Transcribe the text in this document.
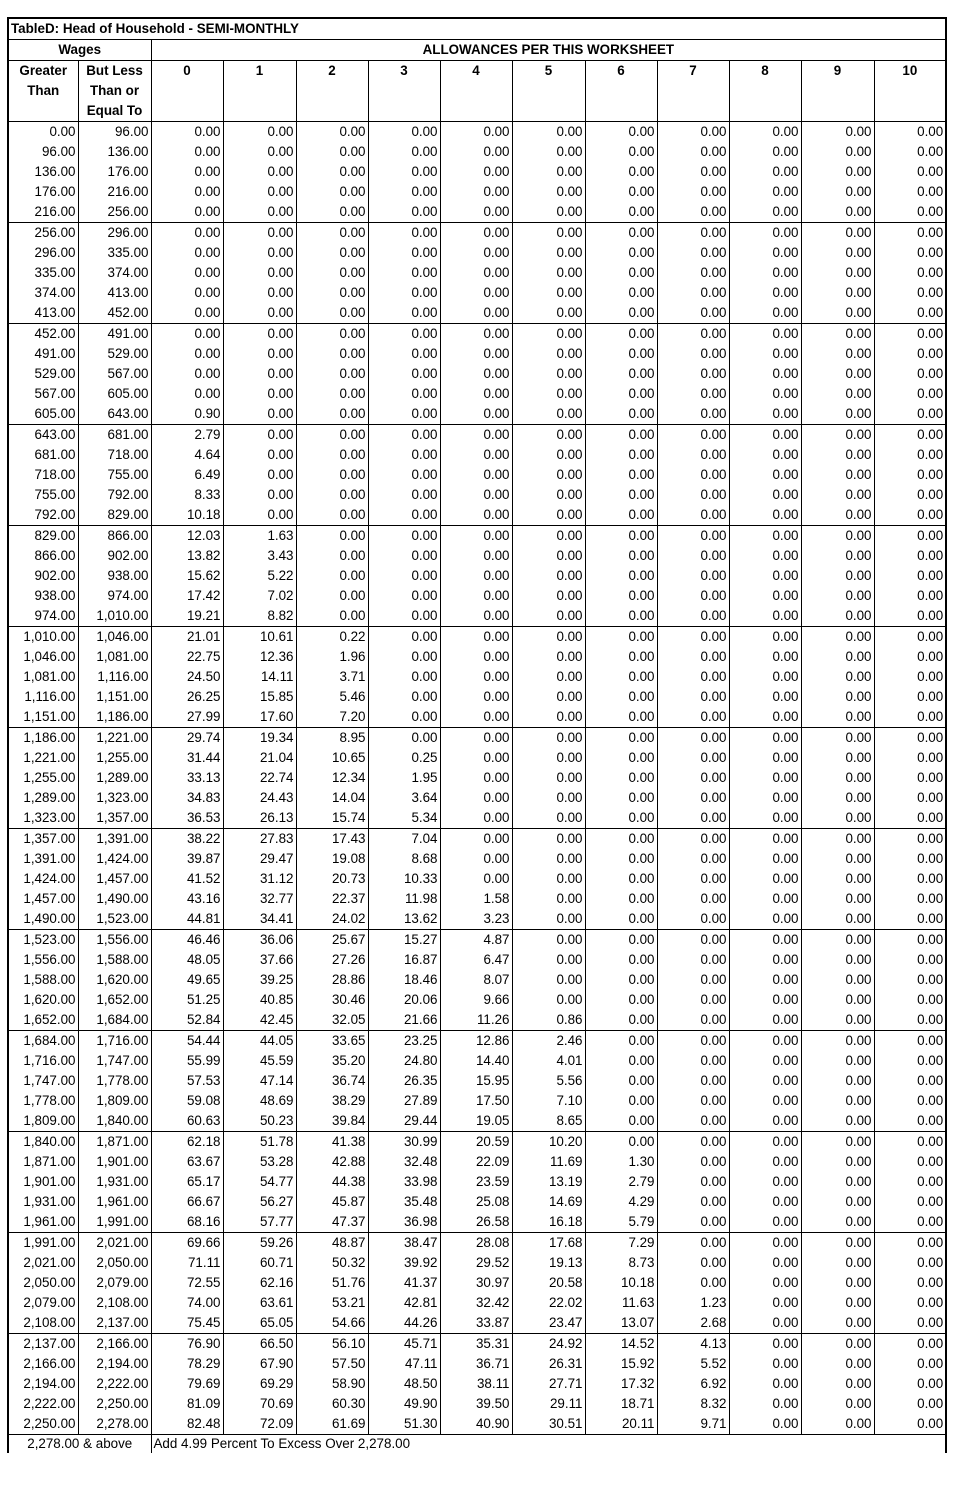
TableD: Head of Household - SEMI-MONTHLY												
Wages		ALLOWANCES PER THIS WORKSHEET										
Greater	But Less	0	1	2	3	4	5	6	7	8	9	10
Than	Than or											
	Equal To											
0.00	96.00	0.00	0.00	0.00	0.00	0.00	0.00	0.00	0.00	0.00	0.00	0.00
96.00	136.00	0.00	0.00	0.00	0.00	0.00	0.00	0.00	0.00	0.00	0.00	0.00
136.00	176.00	0.00	0.00	0.00	0.00	0.00	0.00	0.00	0.00	0.00	0.00	0.00
176.00	216.00	0.00	0.00	0.00	0.00	0.00	0.00	0.00	0.00	0.00	0.00	0.00
216.00	256.00	0.00	0.00	0.00	0.00	0.00	0.00	0.00	0.00	0.00	0.00	0.00
256.00	296.00	0.00	0.00	0.00	0.00	0.00	0.00	0.00	0.00	0.00	0.00	0.00
296.00	335.00	0.00	0.00	0.00	0.00	0.00	0.00	0.00	0.00	0.00	0.00	0.00
335.00	374.00	0.00	0.00	0.00	0.00	0.00	0.00	0.00	0.00	0.00	0.00	0.00
374.00	413.00	0.00	0.00	0.00	0.00	0.00	0.00	0.00	0.00	0.00	0.00	0.00
413.00	452.00	0.00	0.00	0.00	0.00	0.00	0.00	0.00	0.00	0.00	0.00	0.00
452.00	491.00	0.00	0.00	0.00	0.00	0.00	0.00	0.00	0.00	0.00	0.00	0.00
491.00	529.00	0.00	0.00	0.00	0.00	0.00	0.00	0.00	0.00	0.00	0.00	0.00
529.00	567.00	0.00	0.00	0.00	0.00	0.00	0.00	0.00	0.00	0.00	0.00	0.00
567.00	605.00	0.00	0.00	0.00	0.00	0.00	0.00	0.00	0.00	0.00	0.00	0.00
605.00	643.00	0.90	0.00	0.00	0.00	0.00	0.00	0.00	0.00	0.00	0.00	0.00
643.00	681.00	2.79	0.00	0.00	0.00	0.00	0.00	0.00	0.00	0.00	0.00	0.00
681.00	718.00	4.64	0.00	0.00	0.00	0.00	0.00	0.00	0.00	0.00	0.00	0.00
718.00	755.00	6.49	0.00	0.00	0.00	0.00	0.00	0.00	0.00	0.00	0.00	0.00
755.00	792.00	8.33	0.00	0.00	0.00	0.00	0.00	0.00	0.00	0.00	0.00	0.00
792.00	829.00	10.18	0.00	0.00	0.00	0.00	0.00	0.00	0.00	0.00	0.00	0.00
829.00	866.00	12.03	1.63	0.00	0.00	0.00	0.00	0.00	0.00	0.00	0.00	0.00
866.00	902.00	13.82	3.43	0.00	0.00	0.00	0.00	0.00	0.00	0.00	0.00	0.00
902.00	938.00	15.62	5.22	0.00	0.00	0.00	0.00	0.00	0.00	0.00	0.00	0.00
938.00	974.00	17.42	7.02	0.00	0.00	0.00	0.00	0.00	0.00	0.00	0.00	0.00
974.00	1,010.00	19.21	8.82	0.00	0.00	0.00	0.00	0.00	0.00	0.00	0.00	0.00
1,010.00	1,046.00	21.01	10.61	0.22	0.00	0.00	0.00	0.00	0.00	0.00	0.00	0.00
1,046.00	1,081.00	22.75	12.36	1.96	0.00	0.00	0.00	0.00	0.00	0.00	0.00	0.00
1,081.00	1,116.00	24.50	14.11	3.71	0.00	0.00	0.00	0.00	0.00	0.00	0.00	0.00
1,116.00	1,151.00	26.25	15.85	5.46	0.00	0.00	0.00	0.00	0.00	0.00	0.00	0.00
1,151.00	1,186.00	27.99	17.60	7.20	0.00	0.00	0.00	0.00	0.00	0.00	0.00	0.00
1,186.00	1,221.00	29.74	19.34	8.95	0.00	0.00	0.00	0.00	0.00	0.00	0.00	0.00
1,221.00	1,255.00	31.44	21.04	10.65	0.25	0.00	0.00	0.00	0.00	0.00	0.00	0.00
1,255.00	1,289.00	33.13	22.74	12.34	1.95	0.00	0.00	0.00	0.00	0.00	0.00	0.00
1,289.00	1,323.00	34.83	24.43	14.04	3.64	0.00	0.00	0.00	0.00	0.00	0.00	0.00
1,323.00	1,357.00	36.53	26.13	15.74	5.34	0.00	0.00	0.00	0.00	0.00	0.00	0.00
1,357.00	1,391.00	38.22	27.83	17.43	7.04	0.00	0.00	0.00	0.00	0.00	0.00	0.00
1,391.00	1,424.00	39.87	29.47	19.08	8.68	0.00	0.00	0.00	0.00	0.00	0.00	0.00
1,424.00	1,457.00	41.52	31.12	20.73	10.33	0.00	0.00	0.00	0.00	0.00	0.00	0.00
1,457.00	1,490.00	43.16	32.77	22.37	11.98	1.58	0.00	0.00	0.00	0.00	0.00	0.00
1,490.00	1,523.00	44.81	34.41	24.02	13.62	3.23	0.00	0.00	0.00	0.00	0.00	0.00
1,523.00	1,556.00	46.46	36.06	25.67	15.27	4.87	0.00	0.00	0.00	0.00	0.00	0.00
1,556.00	1,588.00	48.05	37.66	27.26	16.87	6.47	0.00	0.00	0.00	0.00	0.00	0.00
1,588.00	1,620.00	49.65	39.25	28.86	18.46	8.07	0.00	0.00	0.00	0.00	0.00	0.00
1,620.00	1,652.00	51.25	40.85	30.46	20.06	9.66	0.00	0.00	0.00	0.00	0.00	0.00
1,652.00	1,684.00	52.84	42.45	32.05	21.66	11.26	0.86	0.00	0.00	0.00	0.00	0.00
1,684.00	1,716.00	54.44	44.05	33.65	23.25	12.86	2.46	0.00	0.00	0.00	0.00	0.00
1,716.00	1,747.00	55.99	45.59	35.20	24.80	14.40	4.01	0.00	0.00	0.00	0.00	0.00
1,747.00	1,778.00	57.53	47.14	36.74	26.35	15.95	5.56	0.00	0.00	0.00	0.00	0.00
1,778.00	1,809.00	59.08	48.69	38.29	27.89	17.50	7.10	0.00	0.00	0.00	0.00	0.00
1,809.00	1,840.00	60.63	50.23	39.84	29.44	19.05	8.65	0.00	0.00	0.00	0.00	0.00
1,840.00	1,871.00	62.18	51.78	41.38	30.99	20.59	10.20	0.00	0.00	0.00	0.00	0.00
1,871.00	1,901.00	63.67	53.28	42.88	32.48	22.09	11.69	1.30	0.00	0.00	0.00	0.00
1,901.00	1,931.00	65.17	54.77	44.38	33.98	23.59	13.19	2.79	0.00	0.00	0.00	0.00
1,931.00	1,961.00	66.67	56.27	45.87	35.48	25.08	14.69	4.29	0.00	0.00	0.00	0.00
1,961.00	1,991.00	68.16	57.77	47.37	36.98	26.58	16.18	5.79	0.00	0.00	0.00	0.00
1,991.00	2,021.00	69.66	59.26	48.87	38.47	28.08	17.68	7.29	0.00	0.00	0.00	0.00
2,021.00	2,050.00	71.11	60.71	50.32	39.92	29.52	19.13	8.73	0.00	0.00	0.00	0.00
2,050.00	2,079.00	72.55	62.16	51.76	41.37	30.97	20.58	10.18	0.00	0.00	0.00	0.00
2,079.00	2,108.00	74.00	63.61	53.21	42.81	32.42	22.02	11.63	1.23	0.00	0.00	0.00
2,108.00	2,137.00	75.45	65.05	54.66	44.26	33.87	23.47	13.07	2.68	0.00	0.00	0.00
2,137.00	2,166.00	76.90	66.50	56.10	45.71	35.31	24.92	14.52	4.13	0.00	0.00	0.00
2,166.00	2,194.00	78.29	67.90	57.50	47.11	36.71	26.31	15.92	5.52	0.00	0.00	0.00
2,194.00	2,222.00	79.69	69.29	58.90	48.50	38.11	27.71	17.32	6.92	0.00	0.00	0.00
2,222.00	2,250.00	81.09	70.69	60.30	49.90	39.50	29.11	18.71	8.32	0.00	0.00	0.00
2,250.00	2,278.00	82.48	72.09	61.69	51.30	40.90	30.51	20.11	9.71	0.00	0.00	0.00
2,278.00 & above		Add 4.99 Percent To Excess Over 2,278.00										
